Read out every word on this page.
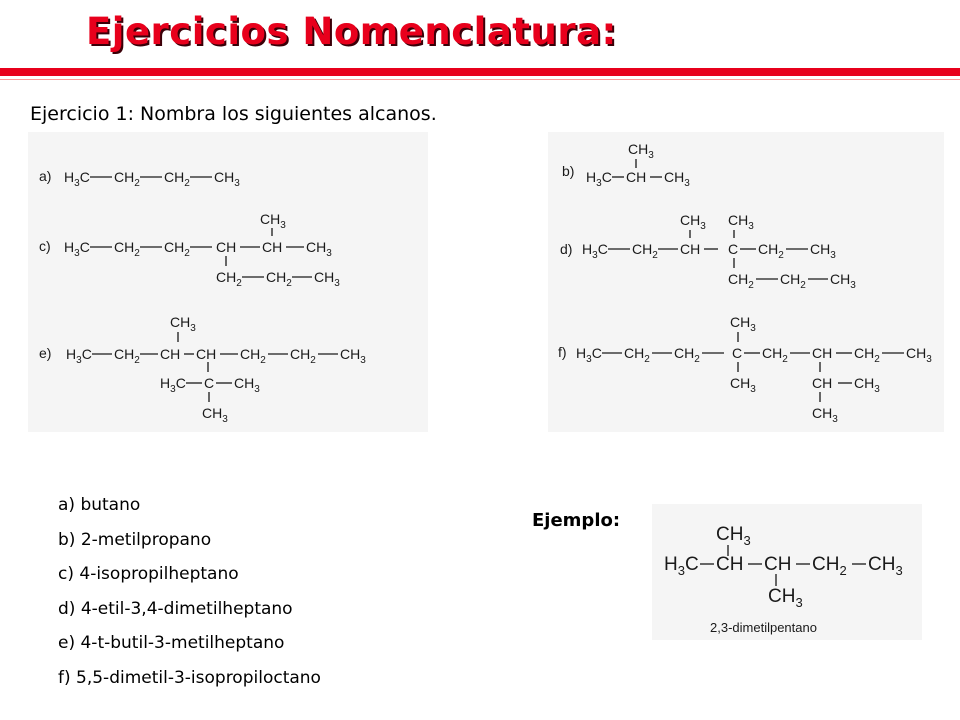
Ejercicios Nomenclatura:

Ejercicio 1: Nombra los siguientes alcanos.

a) $H_3C$ $CH_2$ $CH_2$ $CH_3$
c) $H_3C$ $CH_2$ $CH_2$ CH CH $CH_3$
$CH_3$
$CH_2$ $CH_2$ $CH_3$
e) $H_3C$ $CH_2$ CH CH $CH_2$ $CH_2$ $CH_3$
$CH_3$
$H_3C$ C $CH_3$
$CH_3$
b)
$CH_3$
$H_3C$ CH $CH_3$
d) $H_3C$ $CH_2$ CH C $CH_2$ $CH_3$
$CH_3$ $CH_3$
$CH_2$ $CH_2$ $CH_3$
f) $H_3C$ $CH_2$ $CH_2$ C $CH_2$ CH $CH_2$ $CH_3$
$CH_3$
$CH_3$	CH $CH_3$
$CH_3$
a) butano
b) 2-metilpropano
c) 4-isopropilheptano
d) 4-etil-3,4-dimetilheptano
e) 4-t-butil-3-metilheptano
f) 5,5-dimetil-3-isopropiloctano
Ejemplo:
$CH_3$
$H_3C$ CH CH $CH_2$ $CH_3$
$CH_3$
2,3-dimetilpentano
